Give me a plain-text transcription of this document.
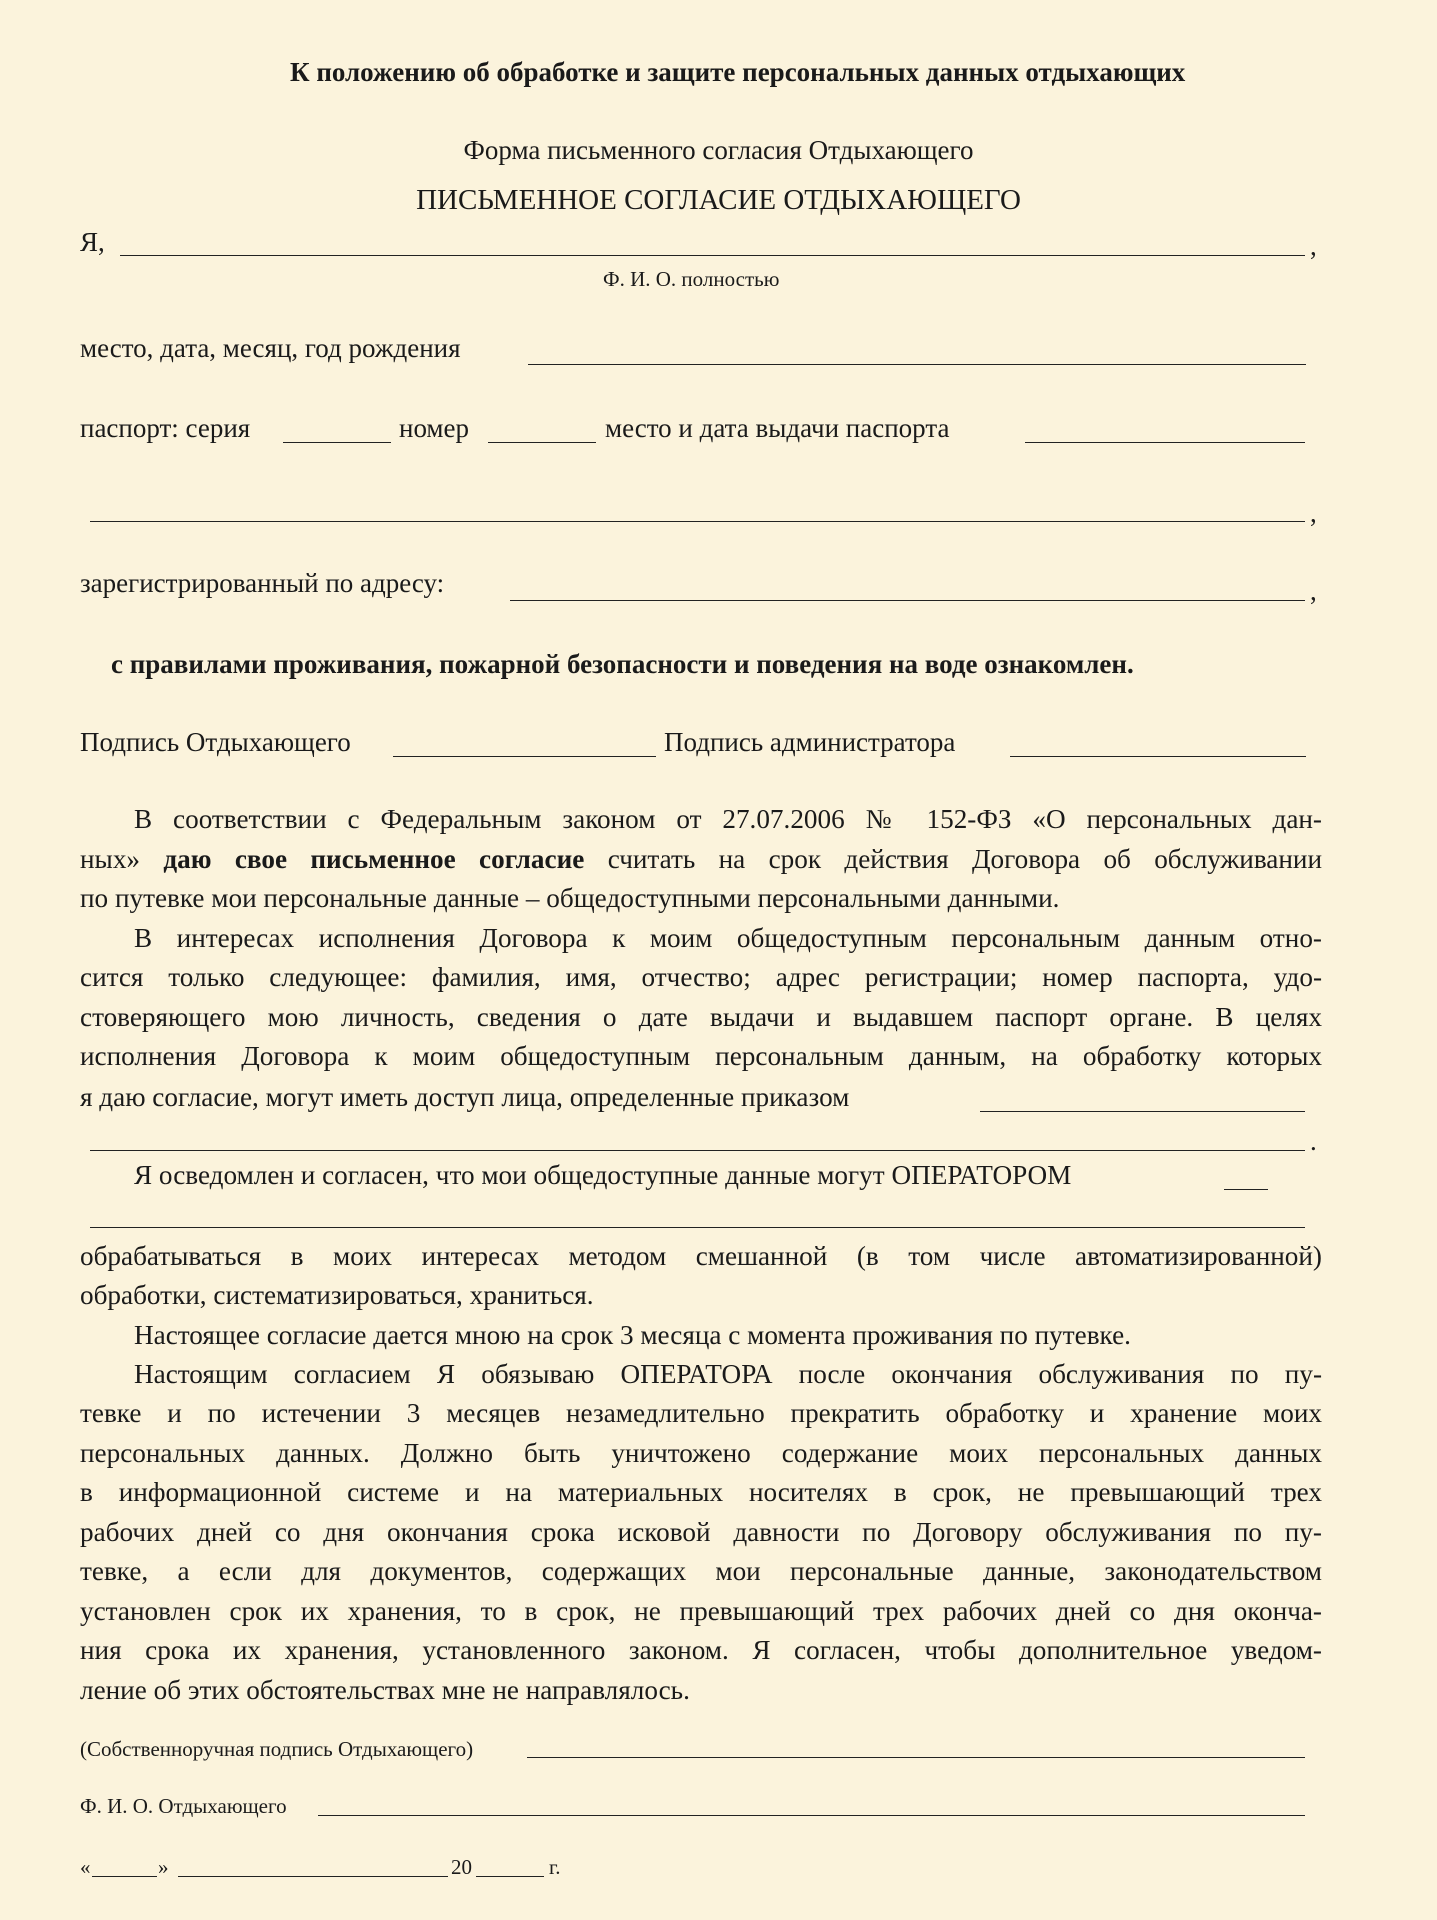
К положению об обработке и защите персональных данных отдыхающих
Форма письменного согласия Отдыхающего
ПИСЬМЕННОЕ СОГЛАСИЕ ОТДЫХАЮЩЕГО
Я,	,
Ф. И. О. полностью
место, дата, месяц, год рождения
паспорт: серия	номер	место и дата выдачи паспорта
,
зарегистрированный по адресу:	,
с правилами проживания, пожарной безопасности и поведения на воде ознакомлен.
Подпись Отдыхающего	Подпись администратора
В соответствии с Федеральным законом от 27.07.2006 № 152-ФЗ «О персональных дан-
ных» даю свое письменное согласие считать на срок действия Договора об обслуживании
по путевке мои персональные данные – общедоступными персональными данными.
В интересах исполнения Договора к моим общедоступным персональным данным отно-
сится только следующее: фамилия, имя, отчество; адрес регистрации; номер паспорта, удо-
стоверяющего мою личность, сведения о дате выдачи и выдавшем паспорт органе. В целях
исполнения Договора к моим общедоступным персональным данным, на обработку которых
я даю согласие, могут иметь доступ лица, определенные приказом
.
Я осведомлен и согласен, что мои общедоступные данные могут ОПЕРАТОРОМ
обрабатываться в моих интересах методом смешанной (в том числе автоматизированной)
обработки, систематизироваться, храниться.
Настоящее согласие дается мною на срок 3 месяца с момента проживания по путевке.
Настоящим согласием Я обязываю ОПЕРАТОРА после окончания обслуживания по пу-
тевке и по истечении 3 месяцев незамедлительно прекратить обработку и хранение моих
персональных данных. Должно быть уничтожено содержание моих персональных данных
в информационной системе и на материальных носителях в срок, не превышающий трех
рабочих дней со дня окончания срока исковой давности по Договору обслуживания по пу-
тевке, а если для документов, содержащих мои персональные данные, законодательством
установлен срок их хранения, то в срок, не превышающий трех рабочих дней со дня оконча-
ния срока их хранения, установленного законом. Я согласен, чтобы дополнительное уведом-
ление об этих обстоятельствах мне не направлялось.
(Собственноручная подпись Отдыхающего)
Ф. И. О. Отдыхающего
«	»	20	г.
